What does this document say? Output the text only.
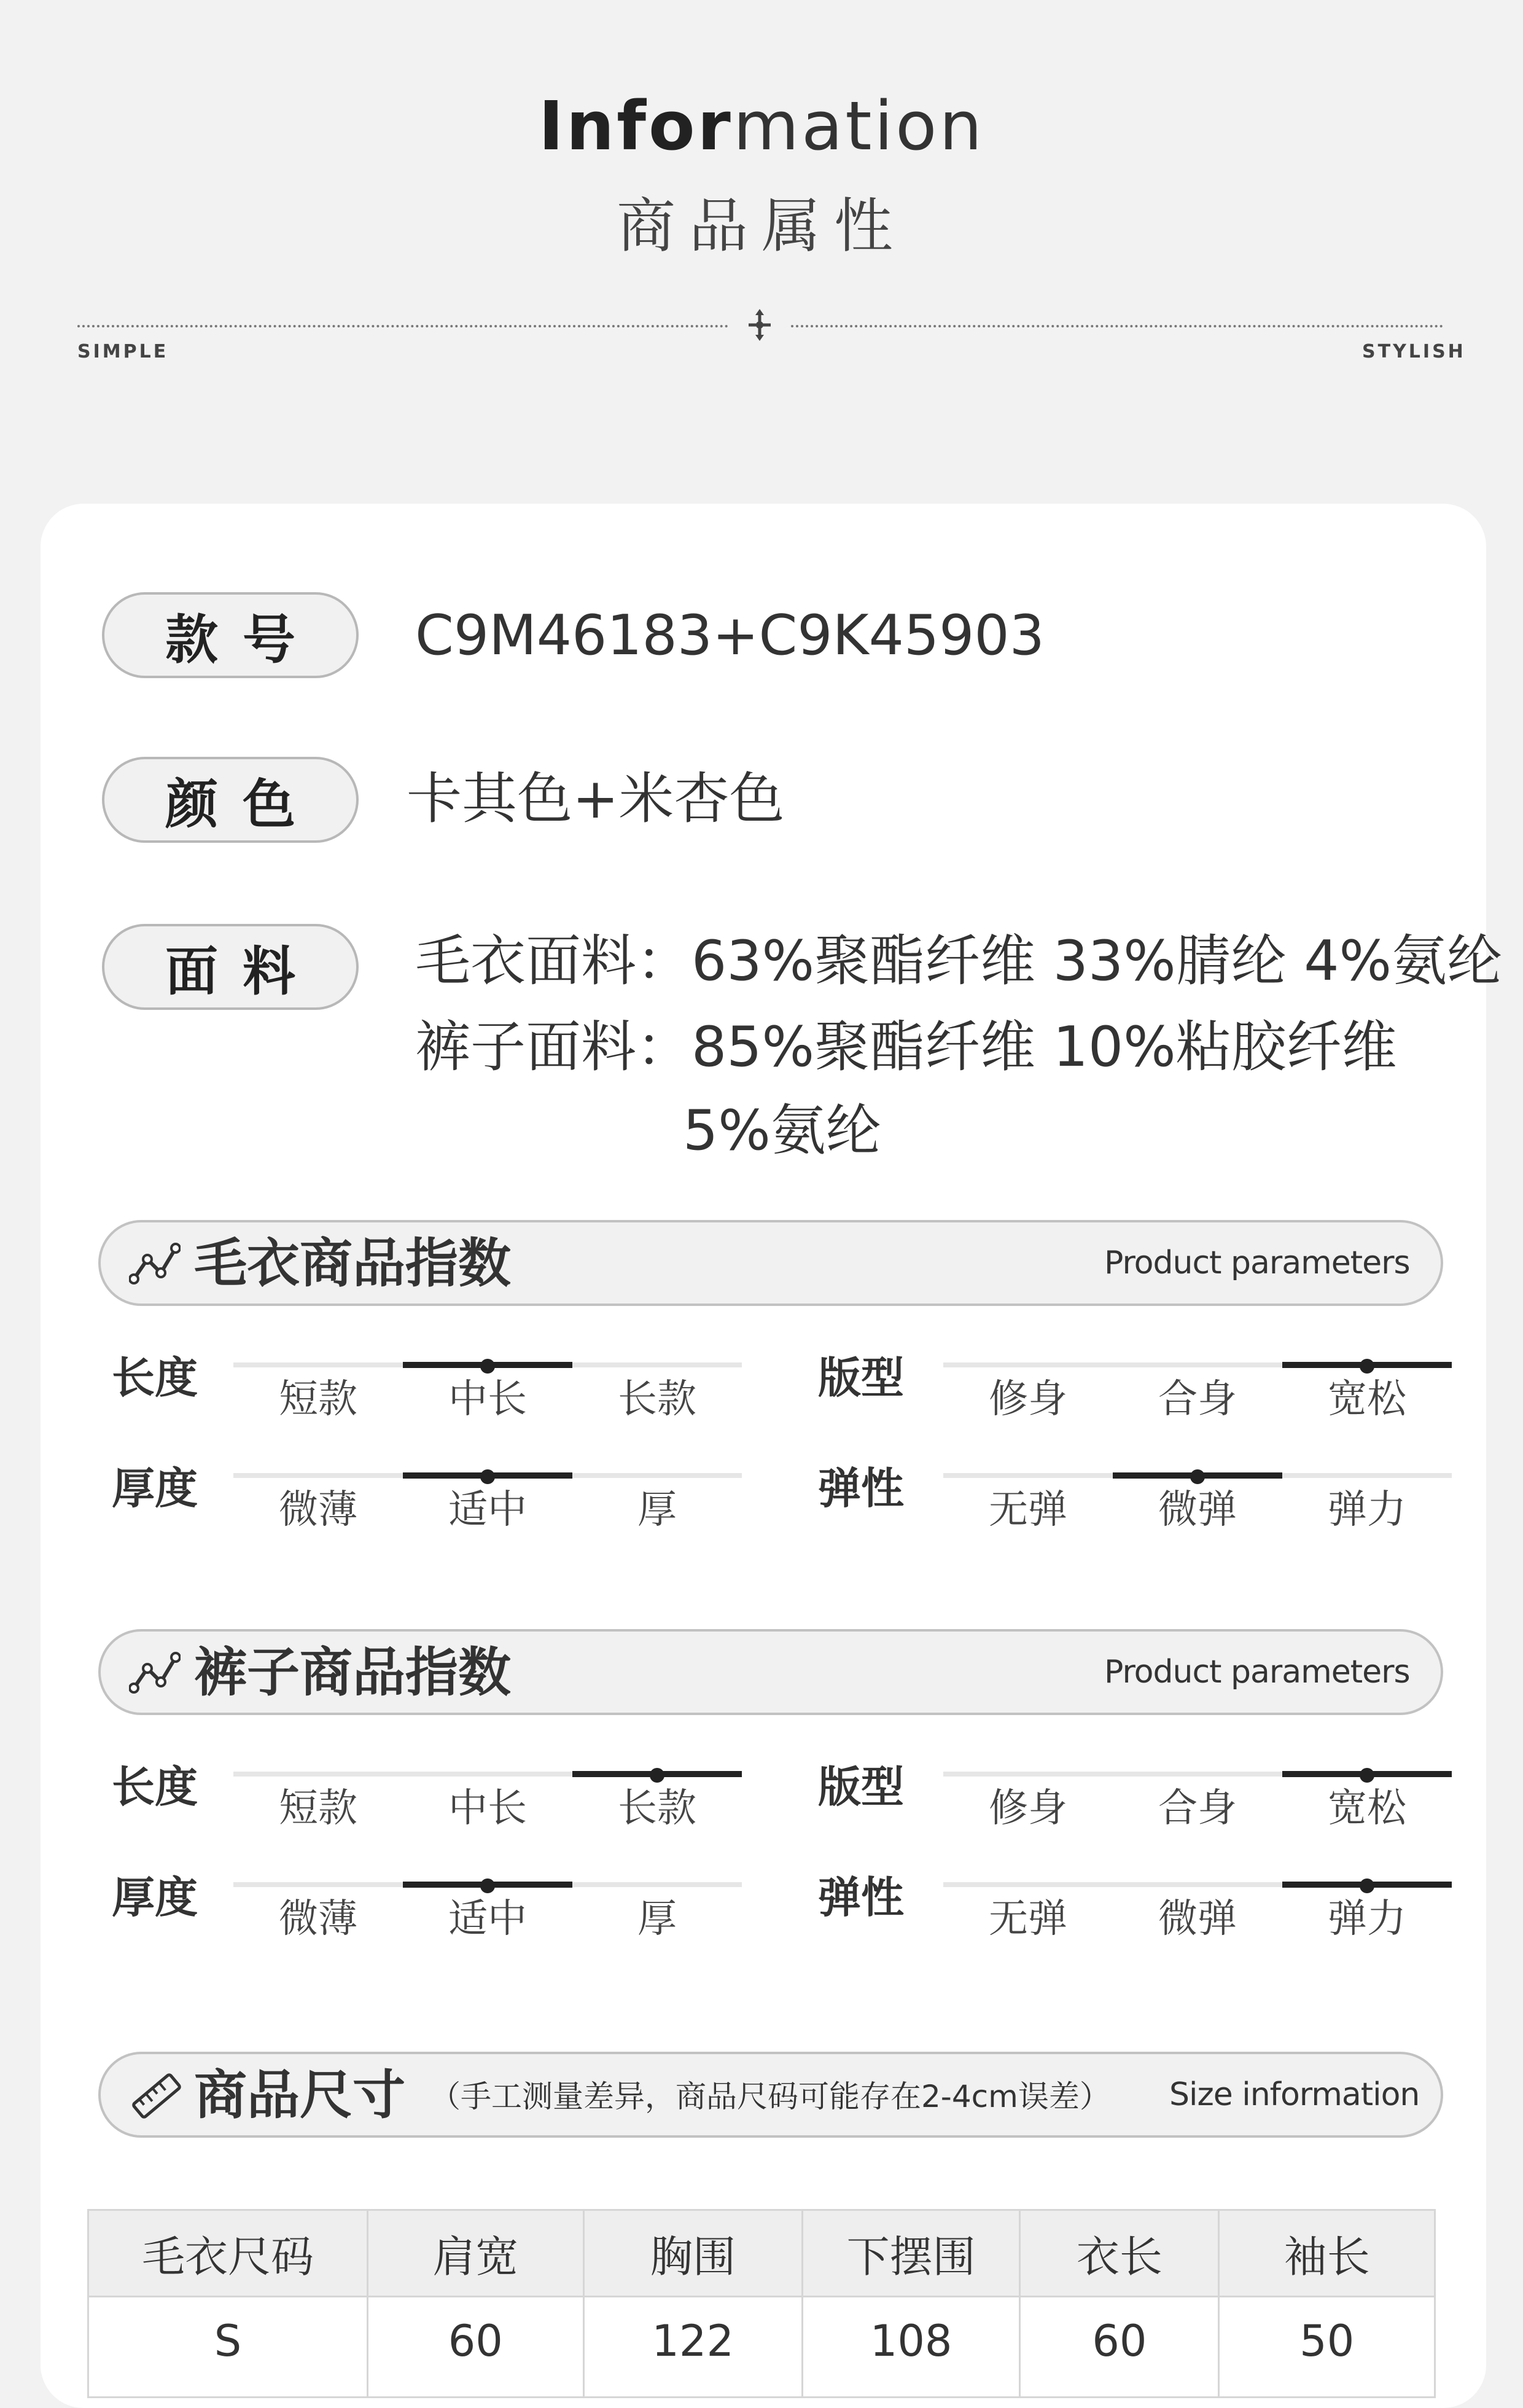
Information
商品属性
SIMPLE	STYLISH
款号	C9M46183+C9K45903
颜色	卡其色+米杏色
面料	毛衣面料：63%聚酯纤维 33%腈纶 4%氨纶
裤子面料：85%聚酯纤维 10%粘胶纤维
5%氨纶
毛衣商品指数	Product parameters
长度	短款	中长	长款	版型	修身	合身	宽松
厚度	微薄	适中	厚	弹性	无弹	微弹	弹力
裤子商品指数	Product parameters
长度	短款	中长	长款	版型	修身	合身	宽松
厚度	微薄	适中	厚	弹性	无弹	微弹	弹力
商品尺寸 （手工测量差异，商品尺码可能存在2-4cm误差） Size information
毛衣尺码	肩宽	胸围	下摆围	衣长	袖长
S	60	122	108	60	50
